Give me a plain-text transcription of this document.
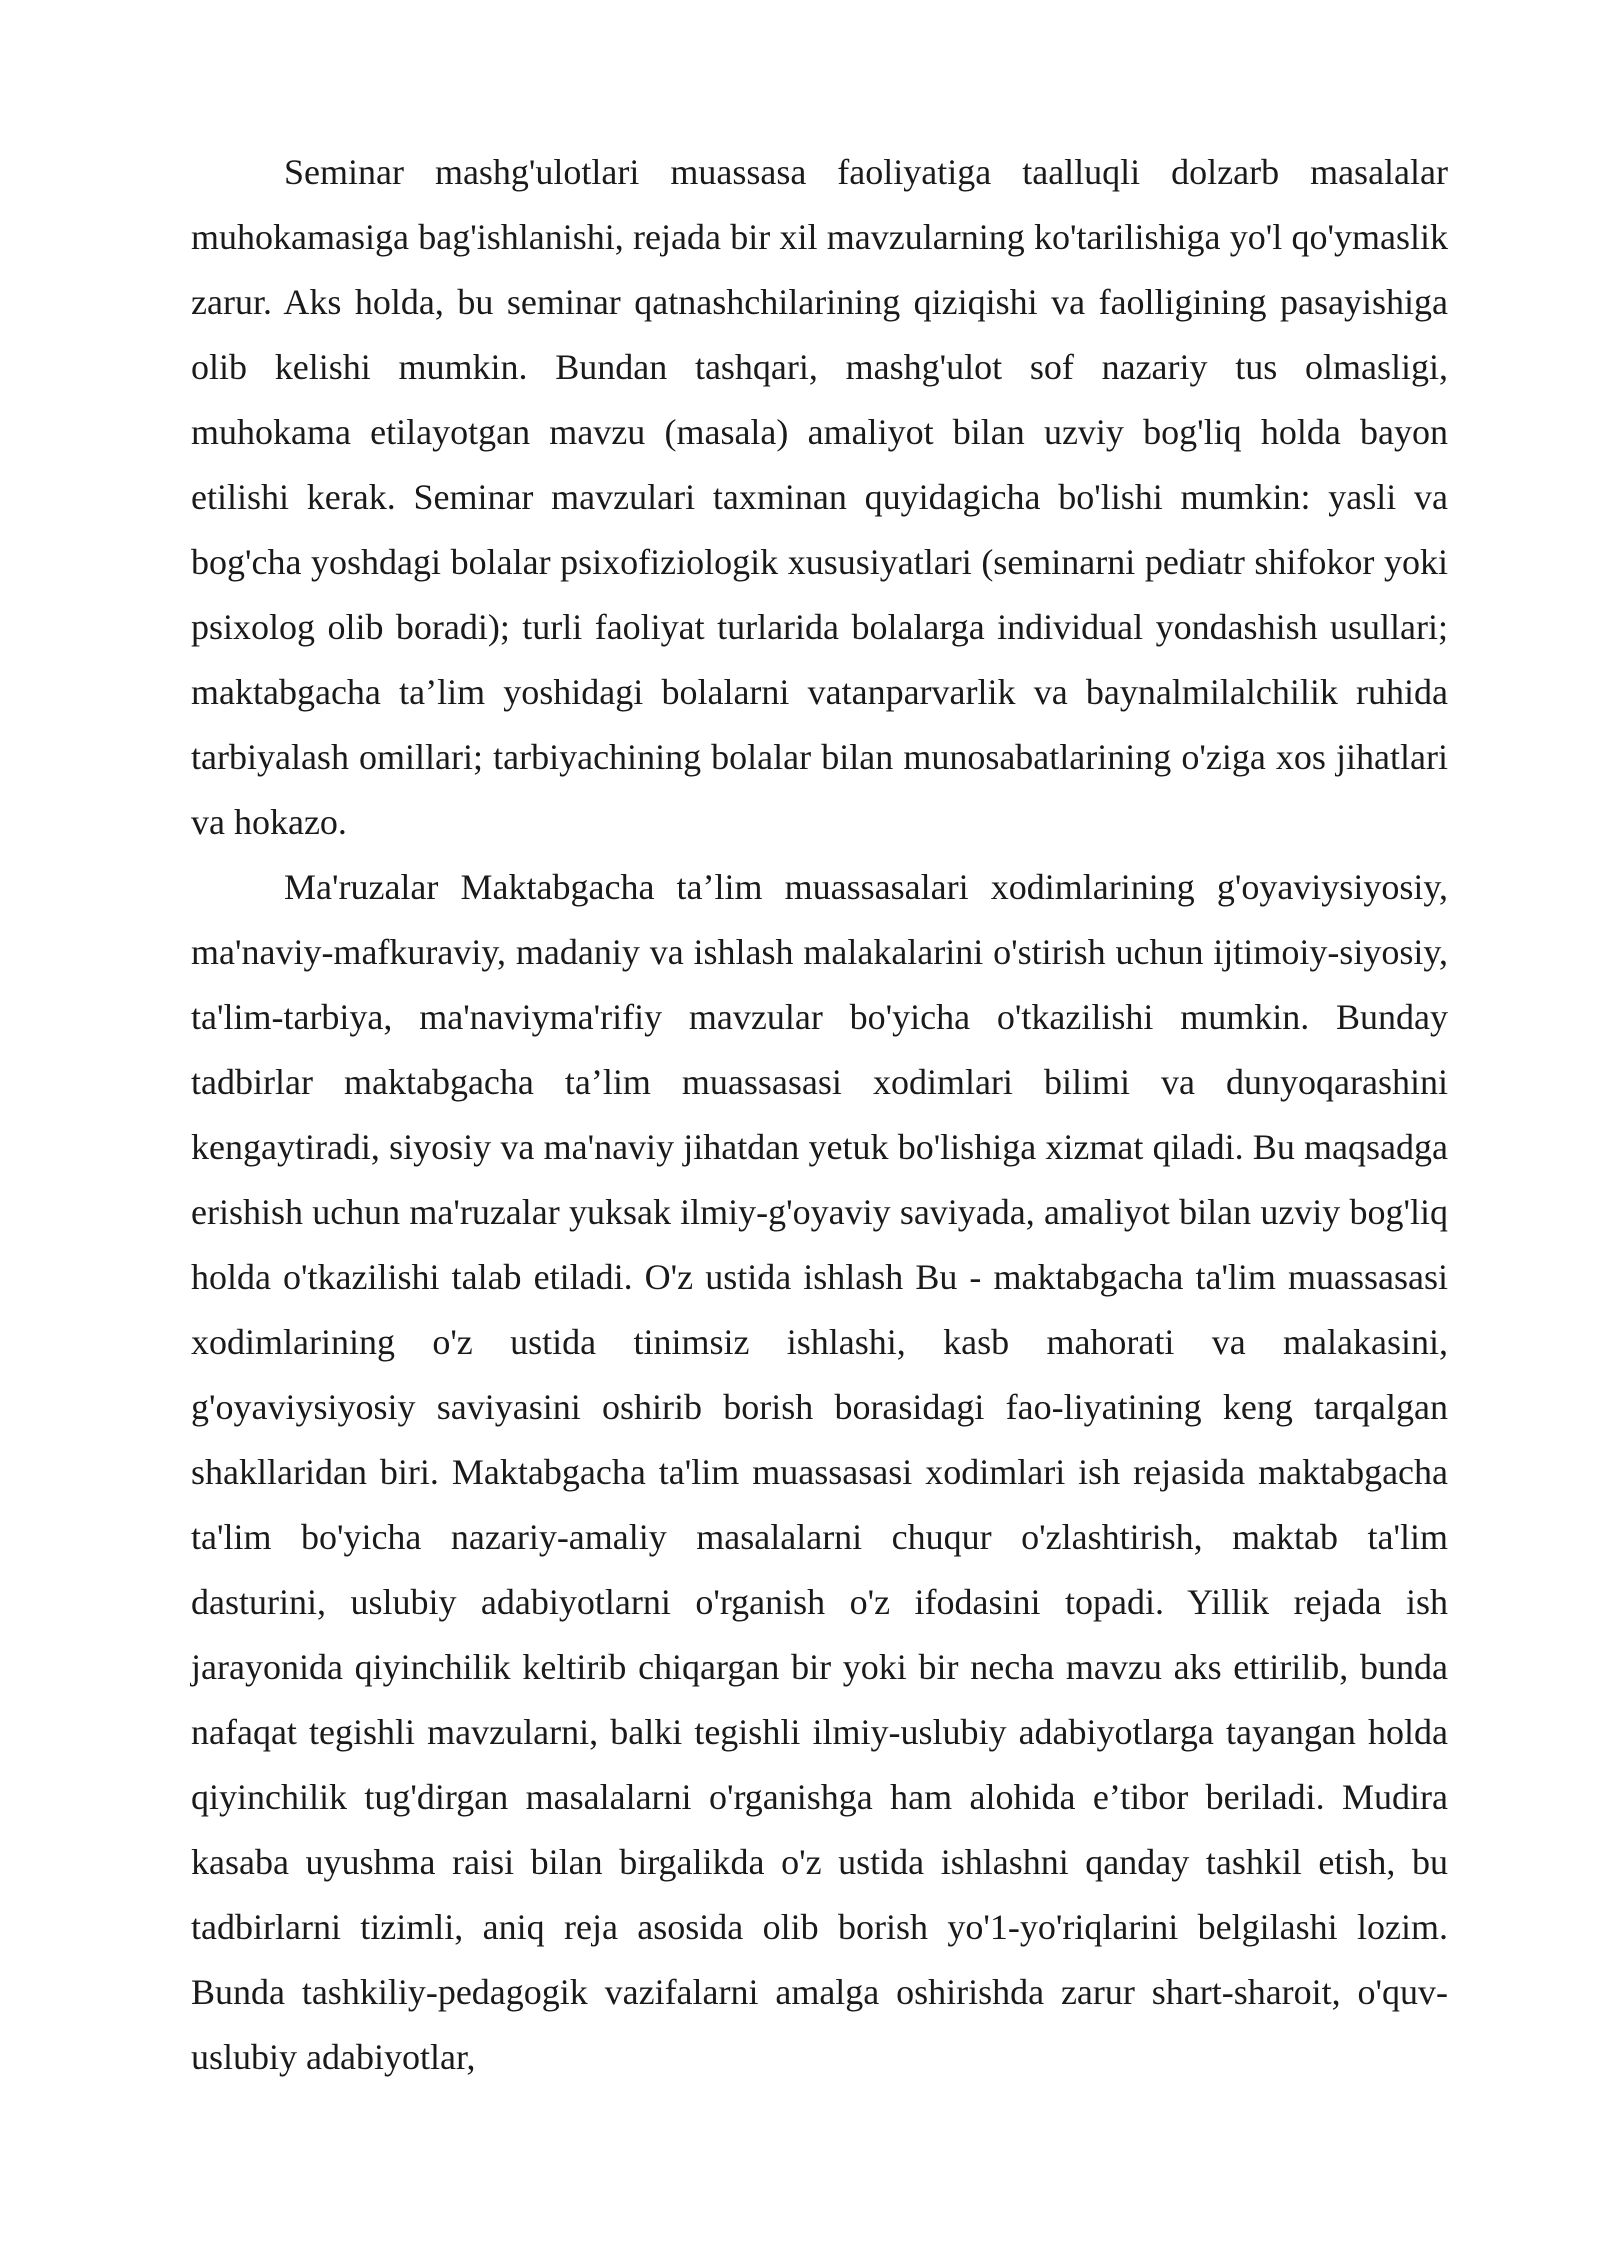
Seminar mashg'ulotlari muassasa faoliyatiga taalluqli dolzarb masalalar muhokamasiga bag'ishlanishi, rejada bir xil mavzularning ko'tarilishiga yo'l qo'ymaslik zarur. Aks holda, bu seminar qatnashchilarining qiziqishi va faolligining pasayishiga olib kelishi mumkin. Bundan tashqari, mashg'ulot sof nazariy tus olmasligi, muhokama etilayotgan mavzu (masala) amaliyot bilan uzviy bog'liq holda bayon etilishi kerak. Seminar mavzulari taxminan quyidagicha bo'lishi mumkin: yasli va bog'cha yoshdagi bolalar psixofiziologik xususiyatlari (seminarni pediatr shifokor yoki psixolog olib boradi); turli faoliyat turlarida bolalarga individual yondashish usullari; maktabgacha ta’lim yoshidagi bolalarni vatanparvarlik va baynalmilalchilik ruhida tarbiyalash omillari; tarbiyachining bolalar bilan munosabatlarining o'ziga xos jihatlari va hokazo.

Ma'ruzalar Maktabgacha ta’lim muassasalari xodimlarining g'oyaviysiyosiy, ma'naviy-mafkuraviy, madaniy va ishlash malakalarini o'stirish uchun ijtimoiy-siyosiy, ta'lim-tarbiya, ma'naviyma'rifiy mavzular bo'yicha o'tkazilishi mumkin. Bunday tadbirlar maktabgacha ta’lim muassasasi xodimlari bilimi va dunyoqarashini kengaytiradi, siyosiy va ma'naviy jihatdan yetuk bo'lishiga xizmat qiladi. Bu maqsadga erishish uchun ma'ruzalar yuksak ilmiy-g'oyaviy saviyada, amaliyot bilan uzviy bog'liq holda o'tkazilishi talab etiladi. O'z ustida ishlash Bu - maktabgacha ta'lim muassasasi xodimlarining o'z ustida tinimsiz ishlashi, kasb mahorati va malakasini, g'oyaviysiyosiy saviyasini oshirib borish borasidagi fao-liyatining keng tarqalgan shakllaridan biri. Maktabgacha ta'lim muassasasi xodimlari ish rejasida maktabgacha ta'lim bo'yicha nazariy-amaliy masalalarni chuqur o'zlashtirish, maktab ta'lim dasturini, uslubiy adabiyotlarni o'rganish o'z ifodasini topadi. Yillik rejada ish jarayonida qiyinchilik keltirib chiqargan bir yoki bir necha mavzu aks ettirilib, bunda nafaqat tegishli mavzularni, balki tegishli ilmiy-uslubiy adabiyotlarga tayangan holda qiyinchilik tug'dirgan masalalarni o'rganishga ham alohida e’tibor beriladi. Mudira kasaba uyushma raisi bilan birgalikda o'z ustida ishlashni qanday tashkil etish, bu tadbirlarni tizimli, aniq reja asosida olib borish yo'1-yo'riqlarini belgilashi lozim. Bunda tashkiliy-pedagogik vazifalarni amalga oshirishda zarur shart-sharoit, o'quv-uslubiy adabiyotlar,
